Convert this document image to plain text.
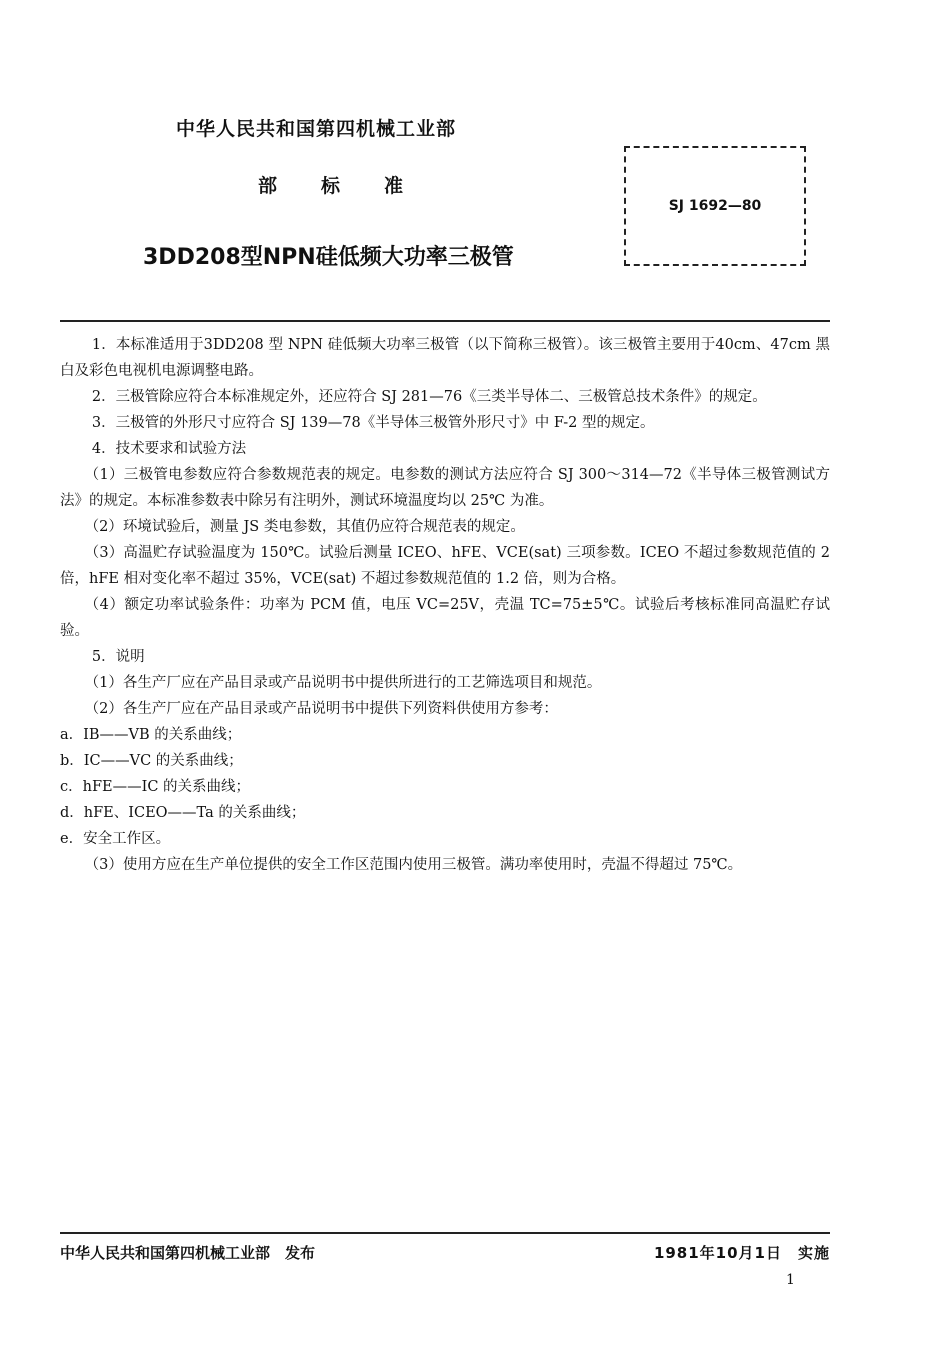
中华人民共和国第四机械工业部
部标准
3DD208型NPN硅低频大功率三极管
SJ 1692—80

1．本标准适用于3DD208 型 NPN 硅低频大功率三极管（以下简称三极管）。该三极管主要用于40cm、47cm 黑白及彩色电视机电源调整电路。

2．三极管除应符合本标准规定外，还应符合 SJ 281—76《三类半导体二、三极管总技术条件》的规定。

3．三极管的外形尺寸应符合 SJ 139—78《半导体三极管外形尺寸》中 F-2 型的规定。

4．技术要求和试验方法

（1）三极管电参数应符合参数规范表的规定。电参数的测试方法应符合 SJ 300～314—72《半导体三极管测试方法》的规定。本标准参数表中除另有注明外，测试环境温度均以 25℃ 为准。

（2）环境试验后，测量 JS 类电参数，其值仍应符合规范表的规定。

（3）高温贮存试验温度为 150℃。试验后测量 ICEO、hFE、VCE(sat) 三项参数。ICEO 不超过参数规范值的 2 倍，hFE 相对变化率不超过 35%，VCE(sat) 不超过参数规范值的 1.2 倍，则为合格。

（4）额定功率试验条件：功率为 PCM 值，电压 VC=25V，壳温 TC=75±5℃。试验后考核标准同高温贮存试验。

5．说明

（1）各生产厂应在产品目录或产品说明书中提供所进行的工艺筛选项目和规范。

（2）各生产厂应在产品目录或产品说明书中提供下列资料供使用方参考：

a．IB——VB 的关系曲线；

b．IC——VC 的关系曲线；

c．hFE——IC 的关系曲线；

d．hFE、ICEO——Ta 的关系曲线；

e．安全工作区。

（3）使用方应在生产单位提供的安全工作区范围内使用三极管。满功率使用时，壳温不得超过 75℃。

中华人民共和国第四机械工业部　发布	1981年10月1日　实施
1
